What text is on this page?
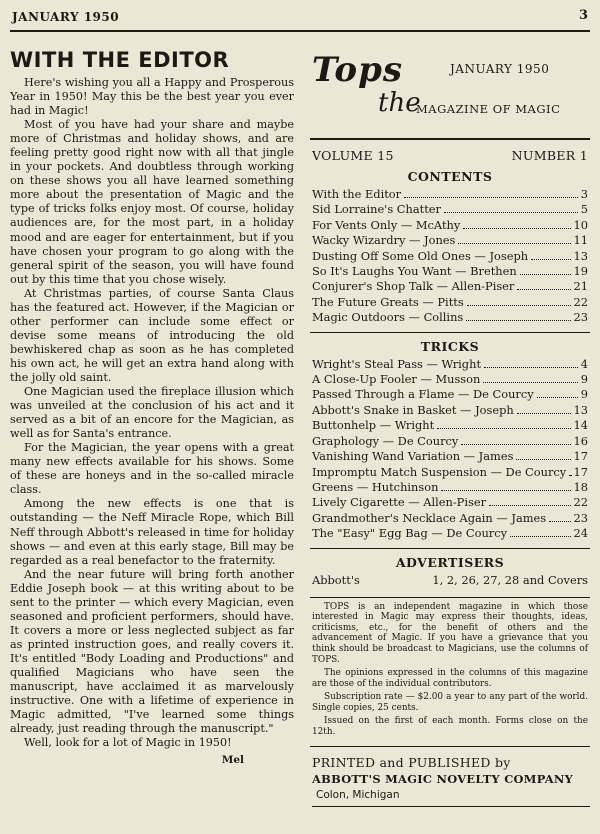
JANUARY 1950	3
WITH THE EDITOR

Here's wishing you all a Happy and Prosperous Year in 1950! May this be the best year you ever had in Magic!

Most of you have had your share and maybe more of Christmas and holiday shows, and are feeling pretty good right now with all that jingle in your pockets. And doubtless through working on these shows you all have learned something more about the presentation of Magic and the type of tricks folks enjoy most. Of course, holiday audiences are, for the most part, in a holiday mood and are eager for entertainment, but if you have chosen your program to go along with the general spirit of the season, you will have found out by this time that you chose wisely.

At Christmas parties, of course Santa Claus has the featured act. However, if the Magician or other performer can include some effect or devise some means of introducing the old bewhiskered chap as soon as he has completed his own act, he will get an extra hand along with the jolly old saint.

One Magician used the fireplace illusion which was unveiled at the conclusion of his act and it served as a bit of an encore for the Magician, as well as for Santa's entrance.

For the Magician, the year opens with a great many new effects available for his shows. Some of these are honeys and in the so-called miracle class.

Among the new effects is one that is outstanding — the Neff Miracle Rope, which Bill Neff through Abbott's released in time for holiday shows — and even at this early stage, Bill may be regarded as a real benefactor to the fraternity.

And the near future will bring forth another Eddie Joseph book — at this writing about to be sent to the printer — which every Magician, even seasoned and proficient performers, should have. It covers a more or less neglected subject as far as printed instruction goes, and really covers it. It's entitled "Body Loading and Productions" and qualified Magicians who have seen the manuscript, have acclaimed it as marvelously instructive. One with a lifetime of experience in Magic admitted, "I've learned some things already, just reading through the manuscript."

Well, look for a lot of Magic in 1950!

Mel
Tops
the
MAGAZINE OF MAGIC
JANUARY 1950
VOLUME 15	NUMBER 1
CONTENTS
With the Editor	3
Sid Lorraine's Chatter	5
For Vents Only — McAthy	10
Wacky Wizardry — Jones	11
Dusting Off Some Old Ones — Joseph	13
So It's Laughs You Want — Brethen	19
Conjurer's Shop Talk — Allen-Piser	21
The Future Greats — Pitts	22
Magic Outdoors — Collins	23
TRICKS
Wright's Steal Pass — Wright	4
A Close-Up Fooler — Musson	9
Passed Through a Flame — De Courcy	9
Abbott's Snake in Basket — Joseph	13
Buttonhelp — Wright	14
Graphology — De Courcy	16
Vanishing Wand Variation — James	17
Impromptu Match Suspension — De Courcy 17
Greens — Hutchinson	18
Lively Cigarette — Allen-Piser	22
Grandmother's Necklace Again — James 23
The "Easy" Egg Bag — De Courcy	24
ADVERTISERS
Abbott's	1, 2, 26, 27, 28 and Covers

TOPS is an independent magazine in which those interested in Magic may express their thoughts, ideas, criticisms, etc., for the benefit of others and the advancement of Magic. If you have a grievance that you think should be broadcast to Magicians, use the columns of TOPS.

The opinions expressed in the columns of this magazine are those of the individual contributors.

Subscription rate — $2.00 a year to any part of the world. Single copies, 25 cents.

Issued on the first of each month. Forms close on the 12th.

PRINTED and PUBLISHED by
ABBOTT'S MAGIC NOVELTY COMPANY
Colon, Michigan
